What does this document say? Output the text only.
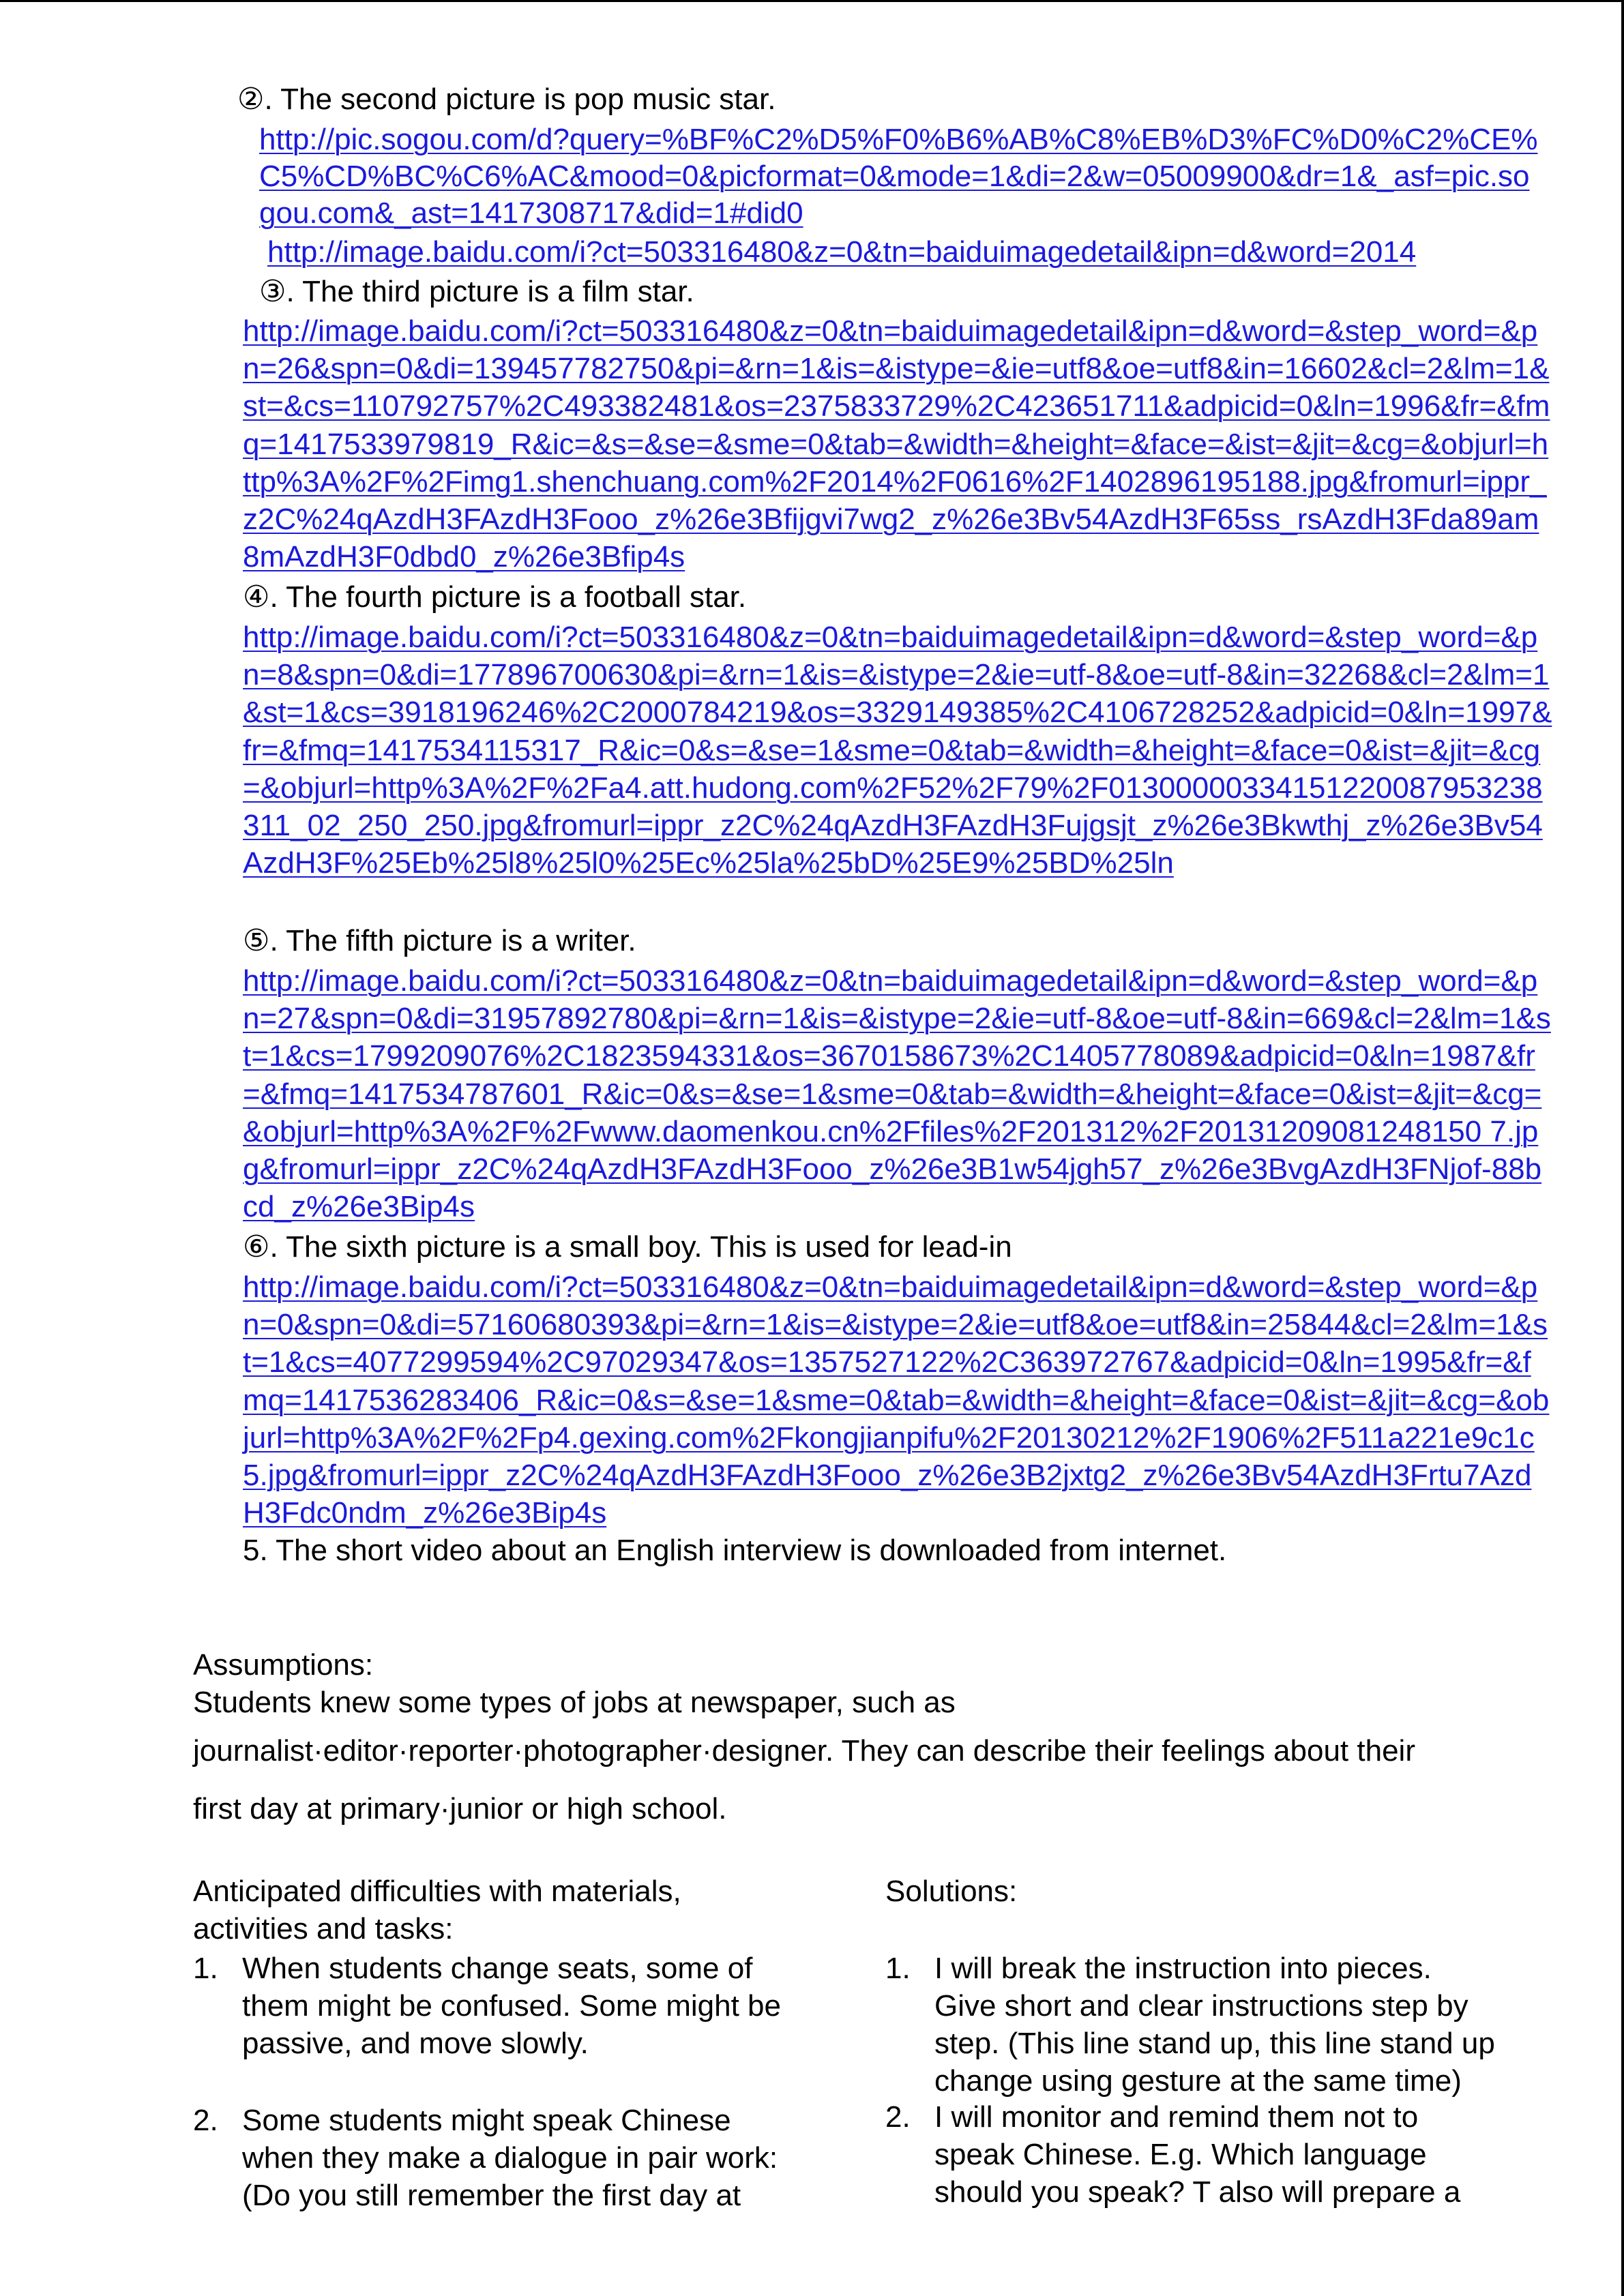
②. The second picture is pop music star.
http://pic.sogou.com/d?query=%BF%C2%D5%F0%B6%AB%C8%EB%D3%FC%D0%C2%CE%C5%CD%BC%C6%AC&mood=0&picformat=0&mode=1&di=2&w=05009900&dr=1&_asf=pic.sogou.com&_ast=1417308717&did=1#did0
http://image.baidu.com/i?ct=503316480&z=0&tn=baiduimagedetail&ipn=d&word=2014
③. The third picture is a film star.
http://image.baidu.com/i?ct=503316480&z=0&tn=baiduimagedetail&ipn=d&word=&step_word=&pn=26&spn=0&di=139457782750&pi=&rn=1&is=&istype=&ie=utf8&oe=utf8&in=16602&cl=2&lm=1&st=&cs=110792757%2C493382481&os=2375833729%2C423651711&adpicid=0&ln=1996&fr=&fmq=1417533979819_R&ic=&s=&se=&sme=0&tab=&width=&height=&face=&ist=&jit=&cg=&objurl=http%3A%2F%2Fimg1.shenchuang.com%2F2014%2F0616%2F1402896195188.jpg&fromurl=ippr_z2C%24qAzdH3FAzdH3Fooo_z%26e3Bfijgvi7wg2_z%26e3Bv54AzdH3F65ss_rsAzdH3Fda89am8mAzdH3F0dbd0_z%26e3Bfip4s
④. The fourth picture is a football star.
http://image.baidu.com/i?ct=503316480&z=0&tn=baiduimagedetail&ipn=d&word=&step_word=&pn=8&spn=0&di=177896700630&pi=&rn=1&is=&istype=2&ie=utf-8&oe=utf-8&in=32268&cl=2&lm=1&st=1&cs=3918196246%2C2000784219&os=3329149385%2C4106728252&adpicid=0&ln=1997&fr=&fmq=1417534115317_R&ic=0&s=&se=1&sme=0&tab=&width=&height=&face=0&ist=&jit=&cg=&objurl=http%3A%2F%2Fa4.att.hudong.com%2F52%2F79%2F01300000334151220087953238311_02_250_250.jpg&fromurl=ippr_z2C%24qAzdH3FAzdH3Fujgsjt_z%26e3Bkwthj_z%26e3Bv54AzdH3F%25Eb%25l8%25l0%25Ec%25la%25bD%25E9%25BD%25ln
⑤. The fifth picture is a writer.
http://image.baidu.com/i?ct=503316480&z=0&tn=baiduimagedetail&ipn=d&word=&step_word=&pn=27&spn=0&di=31957892780&pi=&rn=1&is=&istype=2&ie=utf-8&oe=utf-8&in=669&cl=2&lm=1&st=1&cs=1799209076%2C1823594331&os=3670158673%2C1405778089&adpicid=0&ln=1987&fr=&fmq=1417534787601_R&ic=0&s=&se=1&sme=0&tab=&width=&height=&face=0&ist=&jit=&cg=&objurl=http%3A%2F%2Fwww.daomenkou.cn%2Ffiles%2F201312%2F20131209081248150 7.jpg&fromurl=ippr_z2C%24qAzdH3FAzdH3Fooo_z%26e3B1w54jgh57_z%26e3BvgAzdH3FNjof-88bcd_z%26e3Bip4s
⑥. The sixth picture is a small boy. This is used for lead-in
http://image.baidu.com/i?ct=503316480&z=0&tn=baiduimagedetail&ipn=d&word=&step_word=&pn=0&spn=0&di=57160680393&pi=&rn=1&is=&istype=2&ie=utf8&oe=utf8&in=25844&cl=2&lm=1&st=1&cs=4077299594%2C97029347&os=1357527122%2C363972767&adpicid=0&ln=1995&fr=&fmq=1417536283406_R&ic=0&s=&se=1&sme=0&tab=&width=&height=&face=0&ist=&jit=&cg=&objurl=http%3A%2F%2Fp4.gexing.com%2Fkongjianpifu%2F20130212%2F1906%2F511a221e9c1c5.jpg&fromurl=ippr_z2C%24qAzdH3FAzdH3Fooo_z%26e3B2jxtg2_z%26e3Bv54AzdH3Frtu7AzdH3Fdc0ndm_z%26e3Bip4s
5. The short video about an English interview is downloaded from internet.
Assumptions:
Students knew some types of jobs at newspaper, such as
journalist·editor·reporter·photographer·designer. They can describe their feelings about their
first day at primary·junior or high school.
Anticipated difficulties with materials,
activities and tasks:
1. When students change seats, some of
them might be confused. Some might be
passive, and move slowly.
2. Some students might speak Chinese
when they make a dialogue in pair work:
(Do you still remember the first day at
Solutions:
1. I will break the instruction into pieces.
Give short and clear instructions step by
step. (This line stand up, this line stand up
change using gesture at the same time)
2. I will monitor and remind them not to
speak Chinese. E.g. Which language
should you speak? T also will prepare a
